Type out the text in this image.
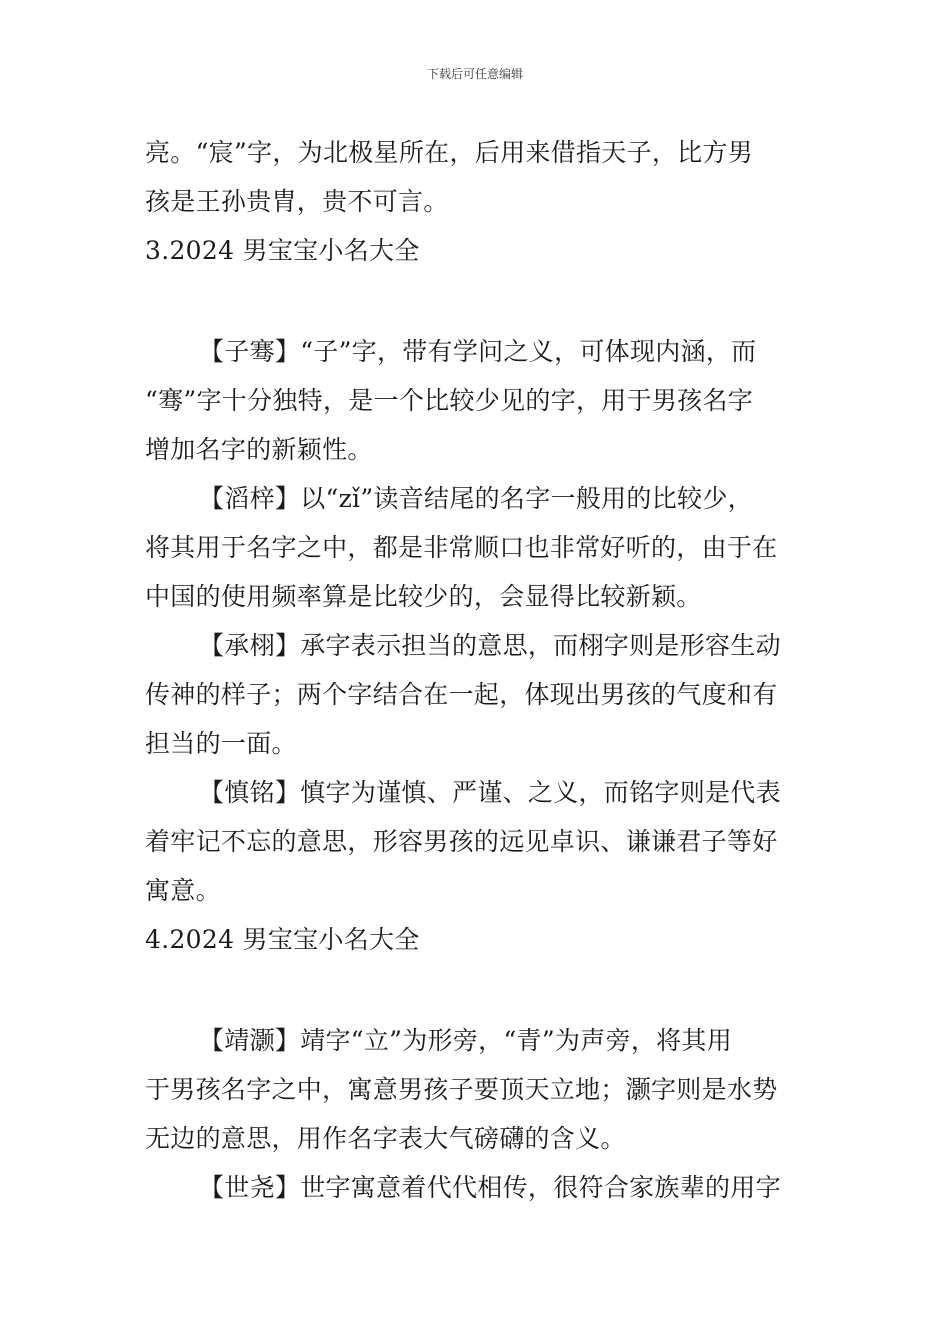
下载后可任意编辑
亮。“宸”字，为北极星所在，后用来借指天子，比方男
孩是王孙贵胄，贵不可言。
3.2024 男宝宝小名大全
【子骞】“子”字，带有学问之义，可体现内涵，而
“骞”字十分独特，是一个比较少见的字，用于男孩名字
增加名字的新颖性。
【滔梓】以“zǐ”读音结尾的名字一般用的比较少，
将其用于名字之中，都是非常顺口也非常好听的，由于在
中国的使用频率算是比较少的，会显得比较新颖。
【承栩】承字表示担当的意思，而栩字则是形容生动
传神的样子；两个字结合在一起，体现出男孩的气度和有
担当的一面。
【慎铭】慎字为谨慎、严谨、之义，而铭字则是代表
着牢记不忘的意思，形容男孩的远见卓识、谦谦君子等好
寓意。
4.2024 男宝宝小名大全
【靖灏】靖字“立”为形旁，“青”为声旁，将其用
于男孩名字之中，寓意男孩子要顶天立地；灏字则是水势
无边的意思，用作名字表大气磅礴的含义。
【世尧】世字寓意着代代相传，很符合家族辈的用字
